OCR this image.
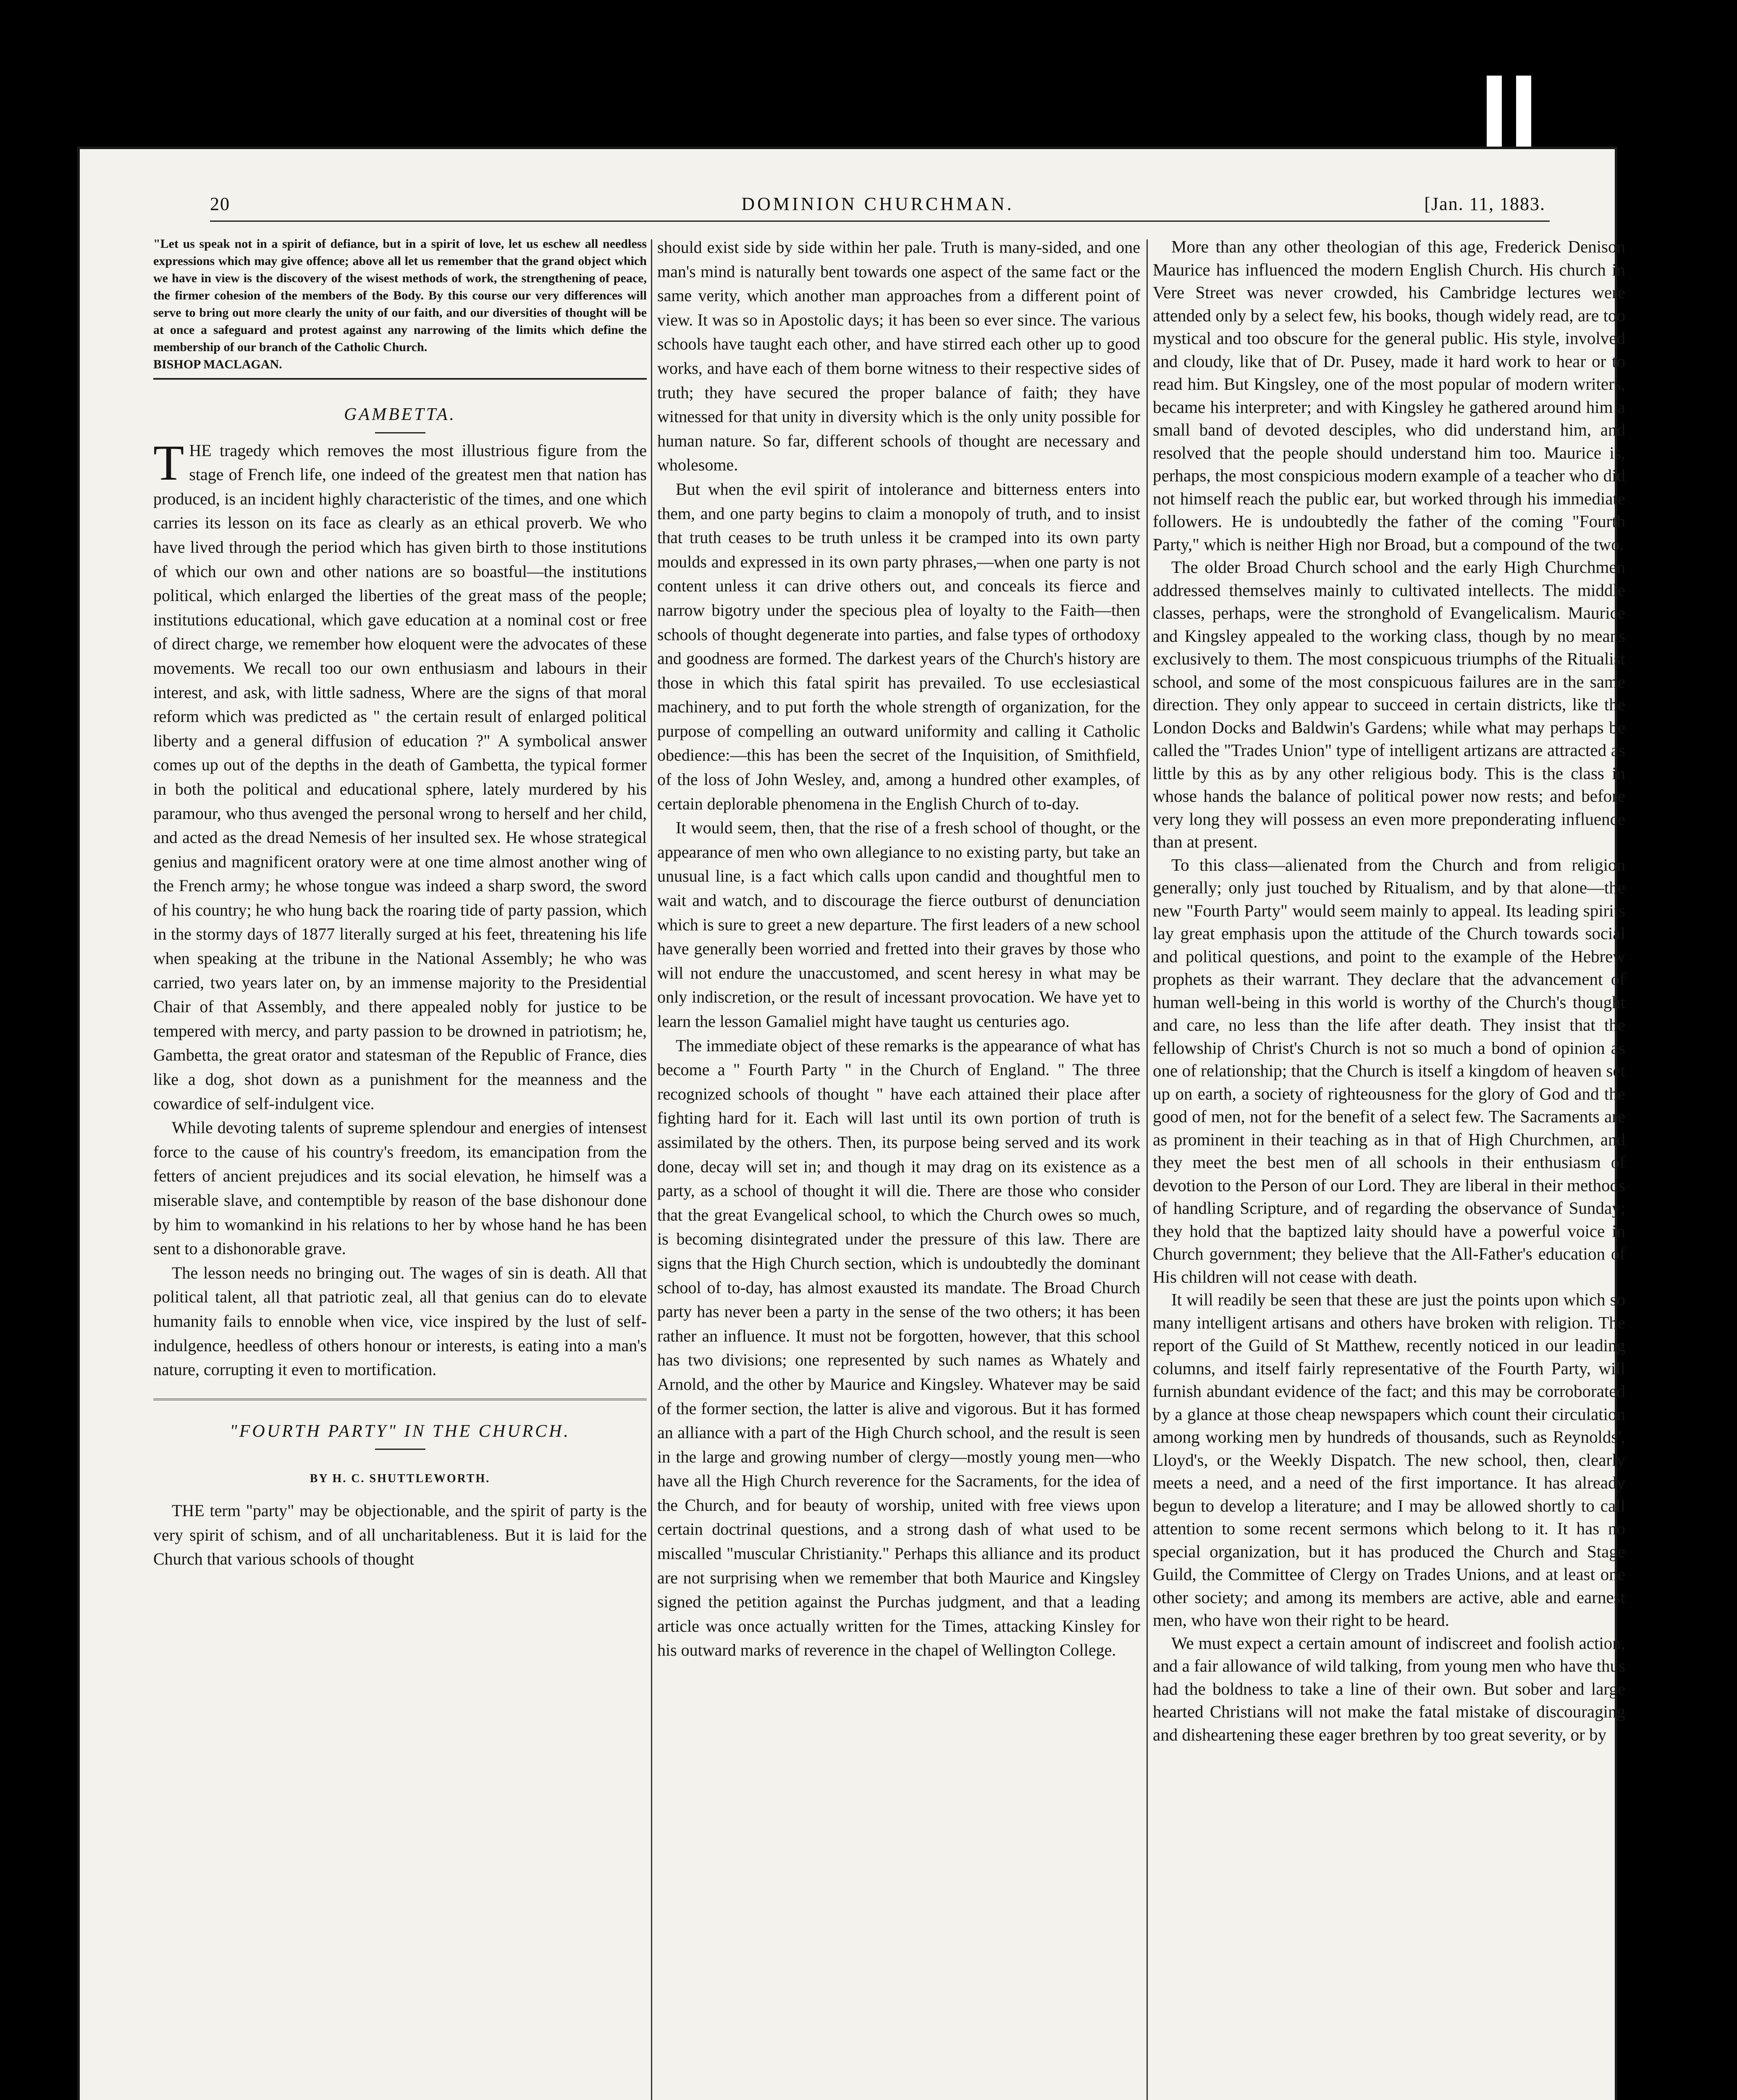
20	DOMINION CHURCHMAN.	[Jan. 11, 1883.
"Let us speak not in a spirit of defiance, but in a spirit of love, let us eschew all needless expressions which may give offence; above all let us remember that the grand object which we have in view is the discovery of the wisest methods of work, the strengthening of peace, the firmer cohesion of the members of the Body. By this course our very differences will serve to bring out more clearly the unity of our faith, and our diversities of thought will be at once a safeguard and protest against any narrowing of the limits which define the membership of our branch of the Catholic Church.
BISHOP MACLAGAN.
GAMBETTA.

THE tragedy which removes the most illustrious figure from the stage of French life, one indeed of the greatest men that nation has produced, is an incident highly characteristic of the times, and one which carries its lesson on its face as clearly as an ethical proverb. We who have lived through the period which has given birth to those institutions of which our own and other nations are so boastful—the institutions political, which enlarged the liberties of the great mass of the people; institutions educational, which gave education at a nominal cost or free of direct charge, we remember how eloquent were the advocates of these movements. We recall too our own enthusiasm and labours in their interest, and ask, with little sadness, Where are the signs of that moral reform which was predicted as " the certain result of enlarged political liberty and a general diffusion of education ?" A symbolical answer comes up out of the depths in the death of Gambetta, the typical former in both the political and educational sphere, lately murdered by his paramour, who thus avenged the personal wrong to herself and her child, and acted as the dread Nemesis of her insulted sex. He whose strategical genius and magnificent oratory were at one time almost another wing of the French army; he whose tongue was indeed a sharp sword, the sword of his country; he who hung back the roaring tide of party passion, which in the stormy days of 1877 literally surged at his feet, threatening his life when speaking at the tribune in the National Assembly; he who was carried, two years later on, by an immense majority to the Presidential Chair of that Assembly, and there appealed nobly for justice to be tempered with mercy, and party passion to be drowned in patriotism; he, Gambetta, the great orator and statesman of the Republic of France, dies like a dog, shot down as a punishment for the meanness and the cowardice of self-indulgent vice.

While devoting talents of supreme splendour and energies of intensest force to the cause of his country's freedom, its emancipation from the fetters of ancient prejudices and its social elevation, he himself was a miserable slave, and contemptible by reason of the base dishonour done by him to womankind in his relations to her by whose hand he has been sent to a dishonorable grave.

The lesson needs no bringing out. The wages of sin is death. All that political talent, all that patriotic zeal, all that genius can do to elevate humanity fails to ennoble when vice, vice inspired by the lust of self-indulgence, heedless of others honour or interests, is eating into a man's nature, corrupting it even to mortification.

"FOURTH PARTY" IN THE CHURCH.
BY H. C. SHUTTLEWORTH.

THE term "party" may be objectionable, and the spirit of party is the very spirit of schism, and of all uncharitableness. But it is laid for the Church that various schools of thought

should exist side by side within her pale. Truth is many-sided, and one man's mind is naturally bent towards one aspect of the same fact or the same verity, which another man approaches from a different point of view. It was so in Apostolic days; it has been so ever since. The various schools have taught each other, and have stirred each other up to good works, and have each of them borne witness to their respective sides of truth; they have secured the proper balance of faith; they have witnessed for that unity in diversity which is the only unity possible for human nature. So far, different schools of thought are necessary and wholesome.

But when the evil spirit of intolerance and bitterness enters into them, and one party begins to claim a monopoly of truth, and to insist that truth ceases to be truth unless it be cramped into its own party moulds and expressed in its own party phrases,—when one party is not content unless it can drive others out, and conceals its fierce and narrow bigotry under the specious plea of loyalty to the Faith—then schools of thought degenerate into parties, and false types of orthodoxy and goodness are formed. The darkest years of the Church's history are those in which this fatal spirit has prevailed. To use ecclesiastical machinery, and to put forth the whole strength of organization, for the purpose of compelling an outward uniformity and calling it Catholic obedience:—this has been the secret of the Inquisition, of Smithfield, of the loss of John Wesley, and, among a hundred other examples, of certain deplorable phenomena in the English Church of to-day.

It would seem, then, that the rise of a fresh school of thought, or the appearance of men who own allegiance to no existing party, but take an unusual line, is a fact which calls upon candid and thoughtful men to wait and watch, and to discourage the fierce outburst of denunciation which is sure to greet a new departure. The first leaders of a new school have generally been worried and fretted into their graves by those who will not endure the unaccustomed, and scent heresy in what may be only indiscretion, or the result of incessant provocation. We have yet to learn the lesson Gamaliel might have taught us centuries ago.

The immediate object of these remarks is the appearance of what has become a " Fourth Party " in the Church of England. " The three recognized schools of thought " have each attained their place after fighting hard for it. Each will last until its own portion of truth is assimilated by the others. Then, its purpose being served and its work done, decay will set in; and though it may drag on its existence as a party, as a school of thought it will die. There are those who consider that the great Evangelical school, to which the Church owes so much, is becoming disintegrated under the pressure of this law. There are signs that the High Church section, which is undoubtedly the dominant school of to-day, has almost exausted its mandate. The Broad Church party has never been a party in the sense of the two others; it has been rather an influence. It must not be forgotten, however, that this school has two divisions; one represented by such names as Whately and Arnold, and the other by Maurice and Kingsley. Whatever may be said of the former section, the latter is alive and vigorous. But it has formed an alliance with a part of the High Church school, and the result is seen in the large and growing number of clergy—mostly young men—who have all the High Church reverence for the Sacraments, for the idea of the Church, and for beauty of worship, united with free views upon certain doctrinal questions, and a strong dash of what used to be miscalled "muscular Christianity." Perhaps this alliance and its product are not surprising when we remember that both Maurice and Kingsley signed the petition against the Purchas judgment, and that a leading article was once actually written for the Times, attacking Kinsley for his outward marks of reverence in the chapel of Wellington College.

More than any other theologian of this age, Frederick Denison Maurice has influenced the modern English Church. His church in Vere Street was never crowded, his Cambridge lectures were attended only by a select few, his books, though widely read, are too mystical and too obscure for the general public. His style, involved and cloudy, like that of Dr. Pusey, made it hard work to hear or to read him. But Kingsley, one of the most popular of modern writers, became his interpreter; and with Kingsley he gathered around him a small band of devoted desciples, who did understand him, and resolved that the people should understand him too. Maurice is, perhaps, the most conspicious modern example of a teacher who did not himself reach the public ear, but worked through his immediate followers. He is undoubtedly the father of the coming "Fourth Party," which is neither High nor Broad, but a compound of the two.

The older Broad Church school and the early High Churchmen addressed themselves mainly to cultivated intellects. The middle classes, perhaps, were the stronghold of Evangelicalism. Maurice and Kingsley appealed to the working class, though by no means exclusively to them. The most conspicuous triumphs of the Ritualist school, and some of the most conspicuous failures are in the same direction. They only appear to succeed in certain districts, like the London Docks and Baldwin's Gardens; while what may perhaps be called the "Trades Union" type of intelligent artizans are attracted as little by this as by any other religious body. This is the class in whose hands the balance of political power now rests; and before very long they will possess an even more preponderating influence than at present.

To this class—alienated from the Church and from religion generally; only just touched by Ritualism, and by that alone—the new "Fourth Party" would seem mainly to appeal. Its leading spirits lay great emphasis upon the attitude of the Church towards social and political questions, and point to the example of the Hebrew prophets as their warrant. They declare that the advancement of human well-being in this world is worthy of the Church's thought and care, no less than the life after death. They insist that the fellowship of Christ's Church is not so much a bond of opinion as one of relationship; that the Church is itself a kingdom of heaven set up on earth, a society of righteousness for the glory of God and the good of men, not for the benefit of a select few. The Sacraments are as prominent in their teaching as in that of High Churchmen, and they meet the best men of all schools in their enthusiasm of devotion to the Person of our Lord. They are liberal in their methods of handling Scripture, and of regarding the observance of Sunday; they hold that the baptized laity should have a powerful voice in Church government; they believe that the All-Father's education of His children will not cease with death.

It will readily be seen that these are just the points upon which so many intelligent artisans and others have broken with religion. The report of the Guild of St Matthew, recently noticed in our leading columns, and itself fairly representative of the Fourth Party, will furnish abundant evidence of the fact; and this may be corroborated by a glance at those cheap newspapers which count their circulation among working men by hundreds of thousands, such as Reynolds', Lloyd's, or the Weekly Dispatch. The new school, then, clearly meets a need, and a need of the first importance. It has already begun to develop a literature; and I may be allowed shortly to call attention to some recent sermons which belong to it. It has no special organization, but it has produced the Church and Stage Guild, the Committee of Clergy on Trades Unions, and at least one other society; and among its members are active, able and earnest men, who have won their right to be heard.

We must expect a certain amount of indiscreet and foolish action, and a fair allowance of wild talking, from young men who have thus had the boldness to take a line of their own. But sober and large hearted Christians will not make the fatal mistake of discouraging and disheartening these eager brethren by too great severity, or by
